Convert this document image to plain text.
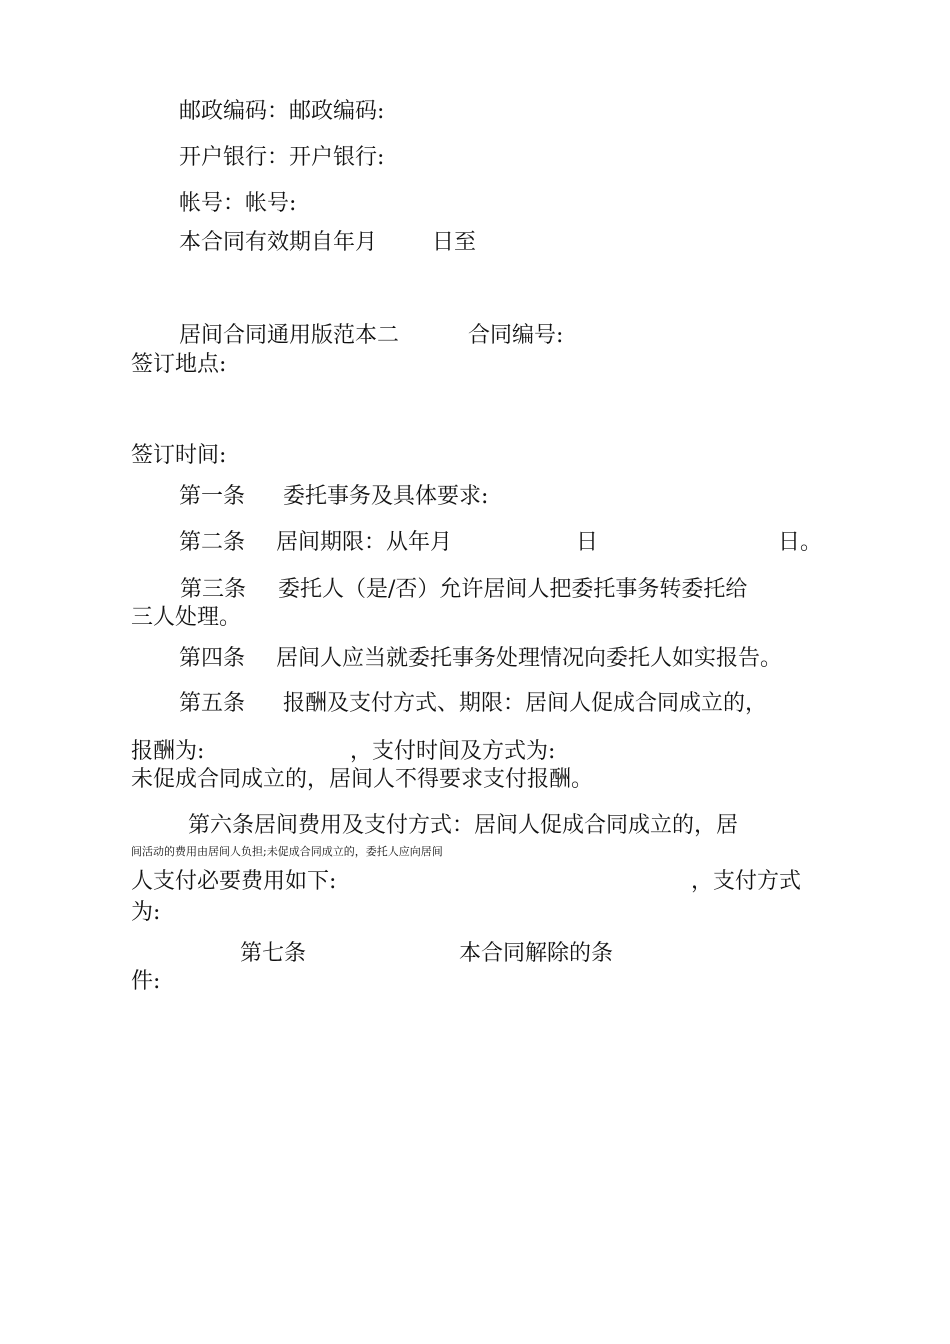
邮政编码：邮政编码:
开户银行：开户银行:
帐号：帐号:
本合同有效期自年月 日至
居间合同通用版范本二	合同编号:
签订地点:
签订时间:
第一条 委托事务及具体要求:
第二条 居间期限：从年月	日	日。
第三条 委托人（是/否）允许居间人把委托事务转委托给
三人处理。
第四条 居间人应当就委托事务处理情况向委托人如实报告。
第五条 报酬及支付方式、期限：居间人促成合同成立的，
报酬为:	，支付时间及方式为:
未促成合同成立的，居间人不得要求支付报酬。
第六条居间费用及支付方式：居间人促成合同成立的，居
间活动的费用由居间人负担;未促成合同成立的，委托人应向居间
人支付必要费用如下:	，支付方式
为:
第七条	本合同解除的条
件:
